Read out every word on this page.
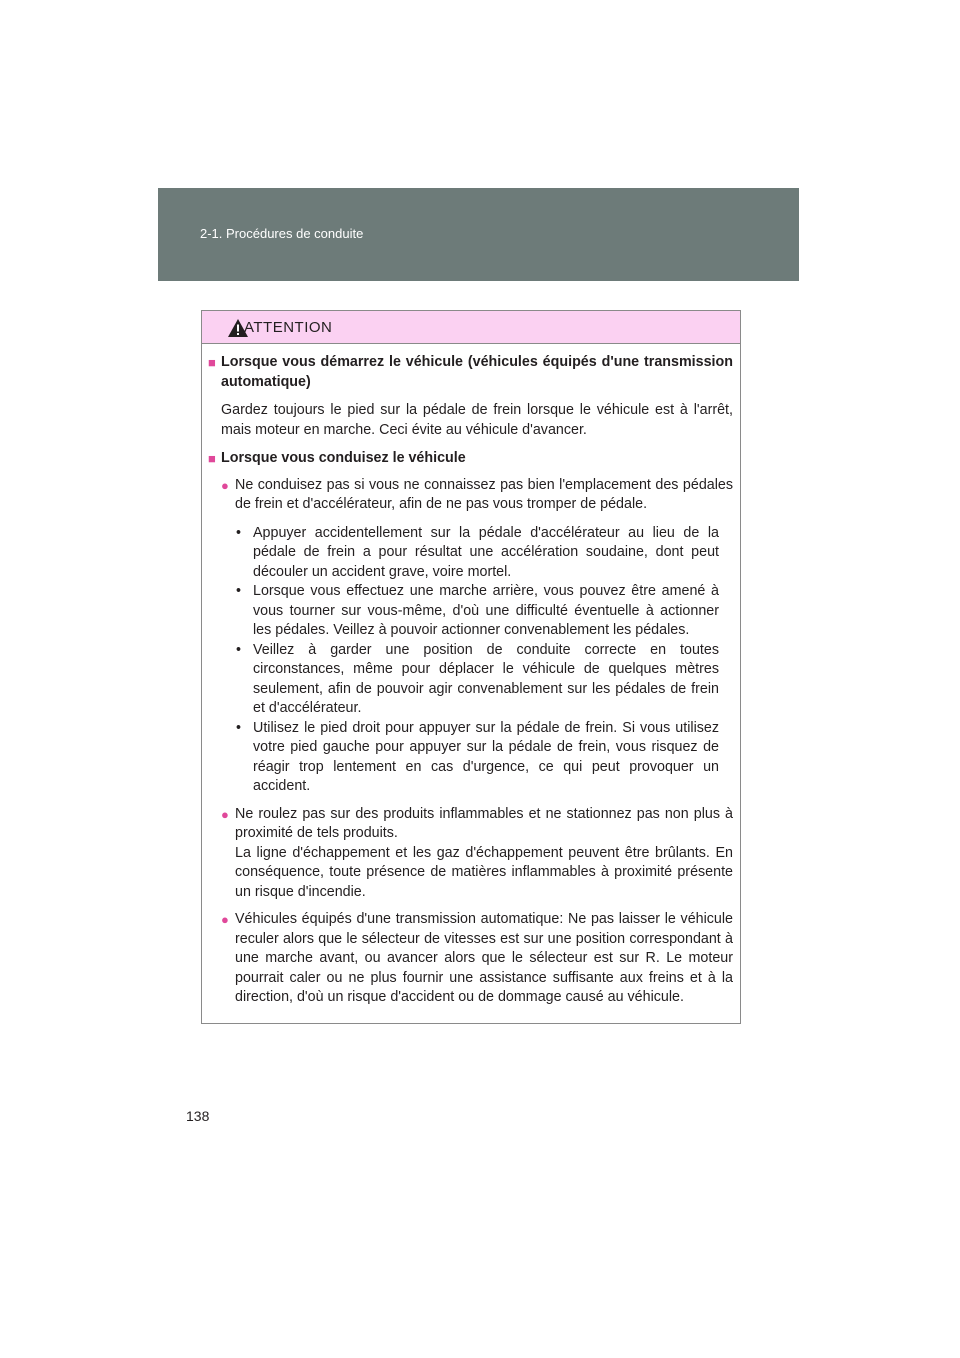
2-1. Procédures de conduite
ATTENTION
■ Lorsque vous démarrez le véhicule (véhicules équipés d'une transmission automatique)
Gardez toujours le pied sur la pédale de frein lorsque le véhicule est à l'arrêt, mais moteur en marche. Ceci évite au véhicule d'avancer.
■ Lorsque vous conduisez le véhicule
● Ne conduisez pas si vous ne connaissez pas bien l'emplacement des pédales de frein et d'accélérateur, afin de ne pas vous tromper de pédale.
• Appuyer accidentellement sur la pédale d'accélérateur au lieu de la pédale de frein a pour résultat une accélération soudaine, dont peut découler un accident grave, voire mortel.
• Lorsque vous effectuez une marche arrière, vous pouvez être amené à vous tourner sur vous-même, d'où une difficulté éventuelle à actionner les pédales. Veillez à pouvoir actionner convenablement les pédales.
• Veillez à garder une position de conduite correcte en toutes circonstances, même pour déplacer le véhicule de quelques mètres seulement, afin de pouvoir agir convenablement sur les pédales de frein et d'accélérateur.
• Utilisez le pied droit pour appuyer sur la pédale de frein. Si vous utilisez votre pied gauche pour appuyer sur la pédale de frein, vous risquez de réagir trop lentement en cas d'urgence, ce qui peut provoquer un accident.
● Ne roulez pas sur des produits inflammables et ne stationnez pas non plus à proximité de tels produits.
La ligne d'échappement et les gaz d'échappement peuvent être brûlants. En conséquence, toute présence de matières inflammables à proximité présente un risque d'incendie.
● Véhicules équipés d'une transmission automatique: Ne pas laisser le véhicule reculer alors que le sélecteur de vitesses est sur une position correspondant à une marche avant, ou avancer alors que le sélecteur est sur R. Le moteur pourrait caler ou ne plus fournir une assistance suffisante aux freins et à la direction, d'où un risque d'accident ou de dommage causé au véhicule.
138
